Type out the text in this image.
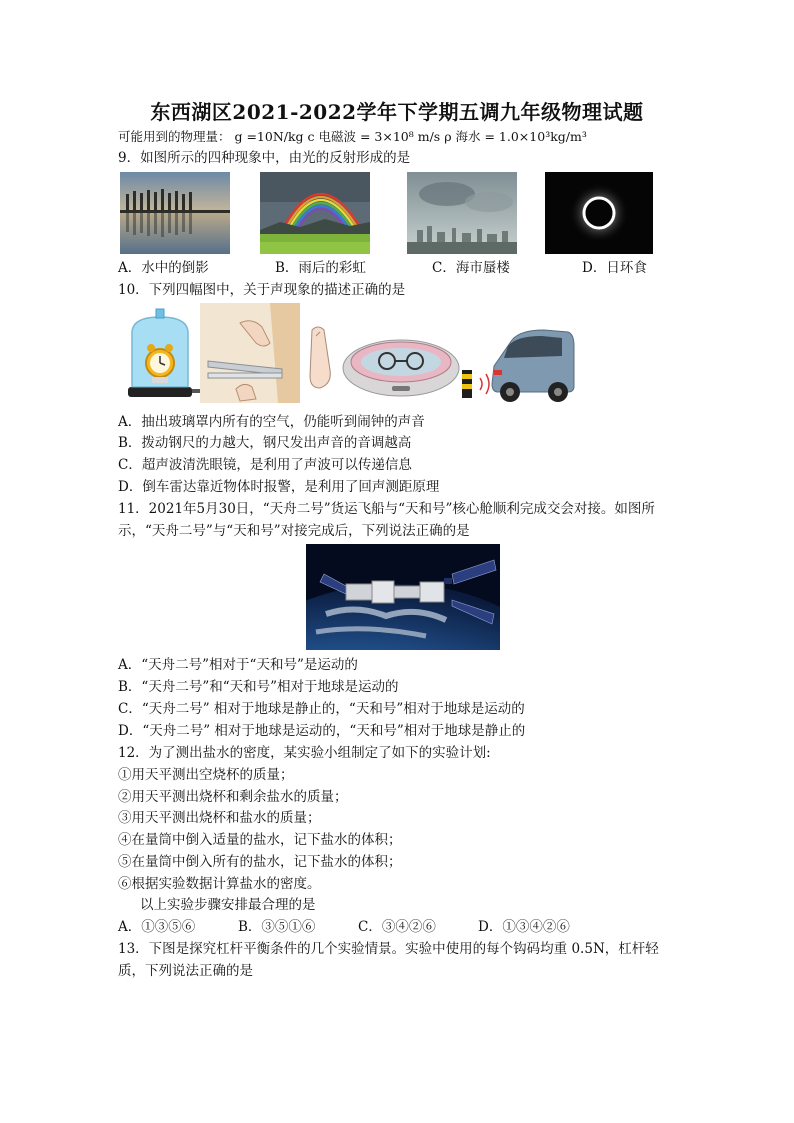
东西湖区2021-2022学年下学期五调九年级物理试题
可能用到的物理量： g =10N/kg c 电磁波 = 3×10⁸ m/s ρ 海水 = 1.0×10³kg/m³
9．如图所示的四种现象中，由光的反射形成的是
A．水中的倒影	B．雨后的彩虹	C．海市蜃楼	D．日环食
10．下列四幅图中，关于声现象的描述正确的是
A．抽出玻璃罩内所有的空气，仍能听到闹钟的声音
B．拨动钢尺的力越大，钢尺发出声音的音调越高
C．超声波清洗眼镜，是利用了声波可以传递信息
D．倒车雷达靠近物体时报警，是利用了回声测距原理
11．2021年5月30日，“天舟二号”货运飞船与“天和号”核心舱顺利完成交会对接。如图所
示，“天舟二号”与“天和号”对接完成后，下列说法正确的是
A．“天舟二号”相对于“天和号”是运动的
B．“天舟二号”和“天和号”相对于地球是运动的
C．“天舟二号” 相对于地球是静止的，“天和号”相对于地球是运动的
D．“天舟二号” 相对于地球是运动的，“天和号”相对于地球是静止的
12．为了测出盐水的密度，某实验小组制定了如下的实验计划:
①用天平测出空烧杯的质量；
②用天平测出烧杯和剩余盐水的质量；
③用天平测出烧杯和盐水的质量；
④在量筒中倒入适量的盐水，记下盐水的体积；
⑤在量筒中倒入所有的盐水，记下盐水的体积；
⑥根据实验数据计算盐水的密度。
以上实验步骤安排最合理的是
A．①③⑤⑥	B．③⑤①⑥	C．③④②⑥	D．①③④②⑥
13．下图是探究杠杆平衡条件的几个实验情景。实验中使用的每个钩码均重 0.5N，杠杆轻
质，下列说法正确的是
